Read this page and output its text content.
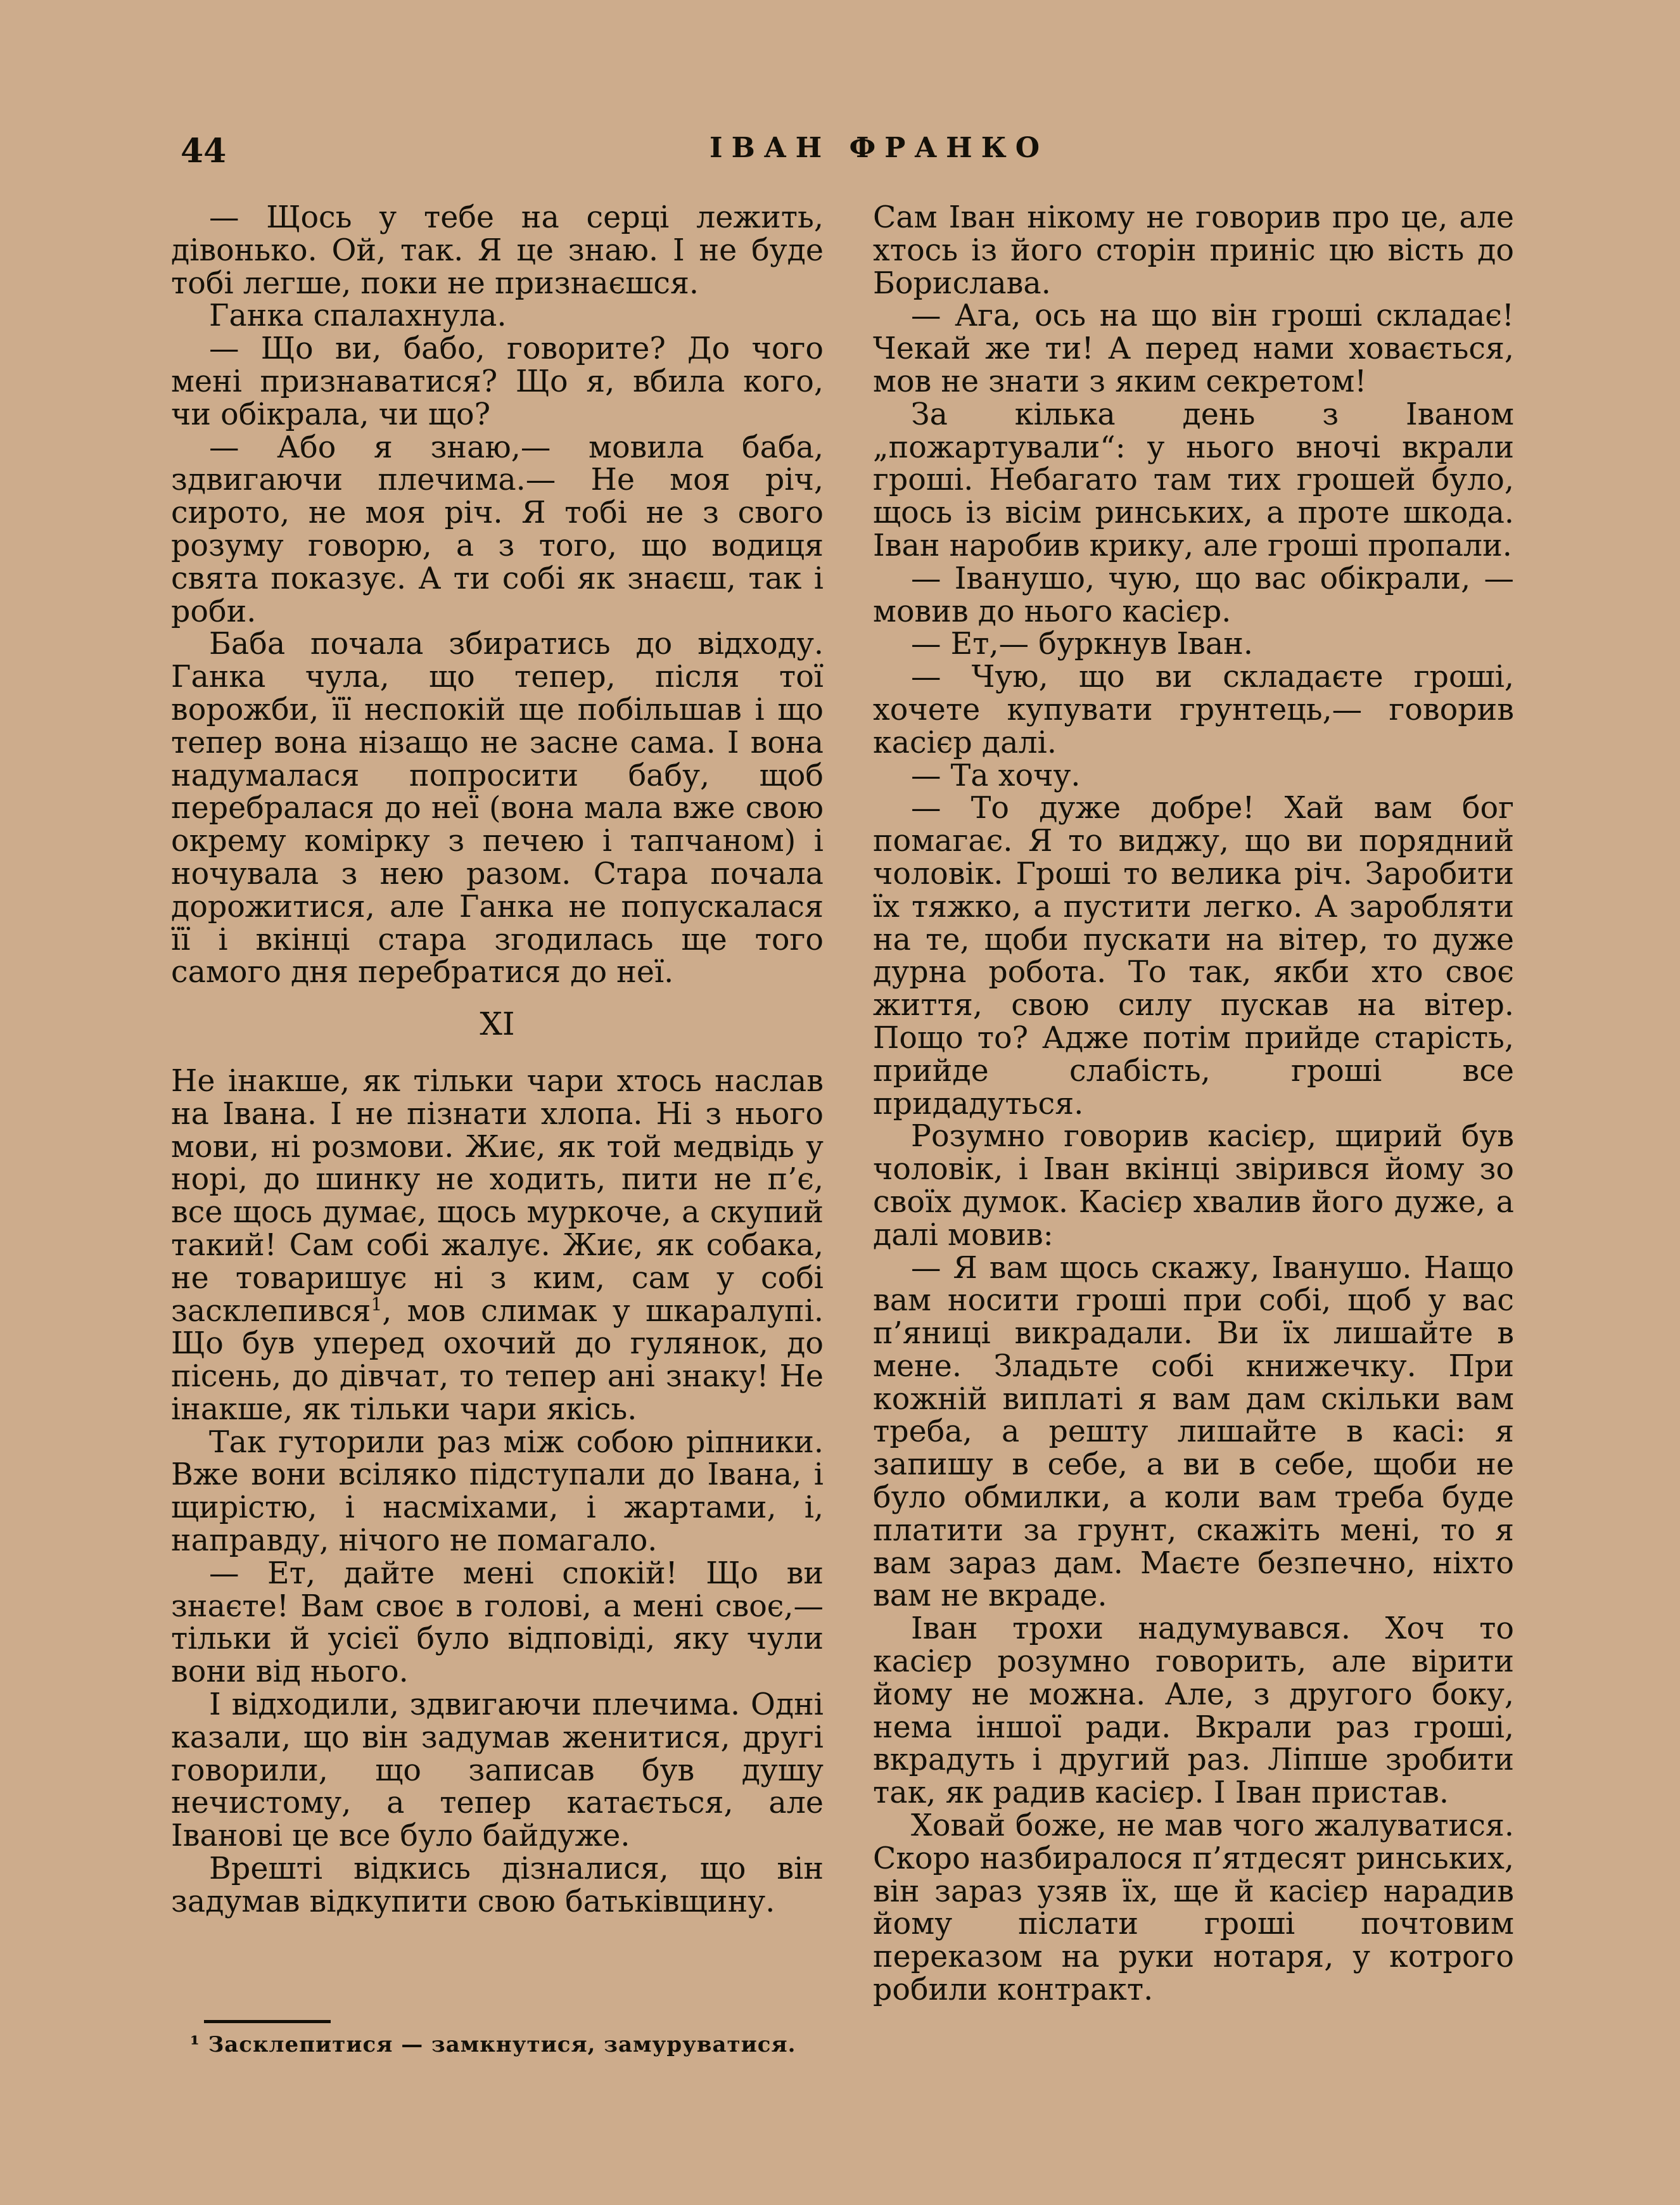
44	ІВАН ФРАНКО

— Щось у тебе на серці лежить, дівонько. Ой, так. Я це знаю. І не буде тобі легше, поки не признаєшся.

Ганка спалахнула.

— Що ви, бабо, говорите? До чого мені признаватися? Що я, вбила кого, чи обікрала, чи що?

— Або я знаю,— мовила баба, здвигаючи плечима.— Не моя річ, сирото, не моя річ. Я тобі не з свого розуму говорю, а з того, що водиця свята показує. А ти собі як знаєш, так і роби.

Баба почала збиратись до відходу. Ганка чула, що тепер, після тої ворожби, її неспокій ще побільшав і що тепер вона нізащо не засне сама. І вона надумалася попросити бабу, щоб перебралася до неї (вона мала вже свою окрему комірку з печею і тапчаном) і ночувала з нею разом. Стара почала дорожитися, але Ганка не попускалася її і вкінці стара згодилась ще того самого дня перебратися до неї.

XI

Не інакше, як тільки чари хтось наслав на Івана. І не пізнати хлопа. Ні з нього мови, ні розмови. Жиє, як той медвідь у норі, до шинку не ходить, пити не п’є, все щось думає, щось муркоче, а скупий такий! Сам собі жалує. Жиє, як собака, не товаришує ні з ким, сам у собі засклепився$^1$, мов слимак у шкаралупі. Що був уперед охочий до гулянок, до пісень, до дівчат, то тепер ані знаку! Не інакше, як тільки чари якісь.

Так гуторили раз між собою ріпники. Вже вони всіляко підступали до Івана, і щирістю, і насміхами, і жартами, і, направду, нічого не помагало.

— Ет, дайте мені спокій! Що ви знаєте! Вам своє в голові, а мені своє,— тільки й усієї було відповіді, яку чули вони від нього.

І відходили, здвигаючи плечима. Одні казали, що він задумав женитися, другі говорили, що записав був душу нечистому, а тепер катається, але Іванові це все було байдуже.

Врешті відкись дізналися, що він задумав відкупити свою батьківщину.

Сам Іван нікому не говорив про це, але хтось із його сторін приніс цю вість до Борислава.

— Ага, ось на що він гроші складає! Чекай же ти! А перед нами ховається, мов не знати з яким секретом!

За кілька день з Іваном „пожартували“: у нього вночі вкрали гроші. Небагато там тих грошей було, щось із вісім ринських, а проте шкода. Іван наробив крику, але гроші пропали.

— Іванушо, чую, що вас обікрали, — мовив до нього касієр.

— Ет,— буркнув Іван.

— Чую, що ви складаєте гроші, хочете купувати грунтець,— говорив касієр далі.

— Та хочу.

— То дуже добре! Хай вам бог помагає. Я то виджу, що ви порядний чоловік. Гроші то велика річ. Заробити їх тяжко, а пустити легко. А заробляти на те, щоби пускати на вітер, то дуже дурна робота. То так, якби хто своє життя, свою силу пускав на вітер. Пощо то? Адже потім прийде старість, прийде слабість, гроші все придадуться.

Розумно говорив касієр, щирий був чоловік, і Іван вкінці звірився йому зо своїх думок. Касієр хвалив його дуже, а далі мовив:

— Я вам щось скажу, Іванушо. Нащо вам носити гроші при собі, щоб у вас п’яниці викрадали. Ви їх лишайте в мене. Зладьте собі книжечку. При кожній виплаті я вам дам скільки вам треба, а решту лишайте в касі: я запишу в себе, а ви в себе, щоби не було обмилки, а коли вам треба буде платити за грунт, скажіть мені, то я вам зараз дам. Маєте безпечно, ніхто вам не вкраде.

Іван трохи надумувався. Хоч то касієр розумно говорить, але вірити йому не можна. Але, з другого боку, нема іншої ради. Вкрали раз гроші, вкрадуть і другий раз. Ліпше зробити так, як радив касієр. І Іван пристав.

Ховай боже, не мав чого жалуватися. Скоро назбиралося п’ятдесят ринських, він зараз узяв їх, ще й касієр нарадив йому післати гроші почтовим переказом на руки нотаря, у котрого робили контракт.

¹ Засклепитися — замкнутися, замуруватися.
